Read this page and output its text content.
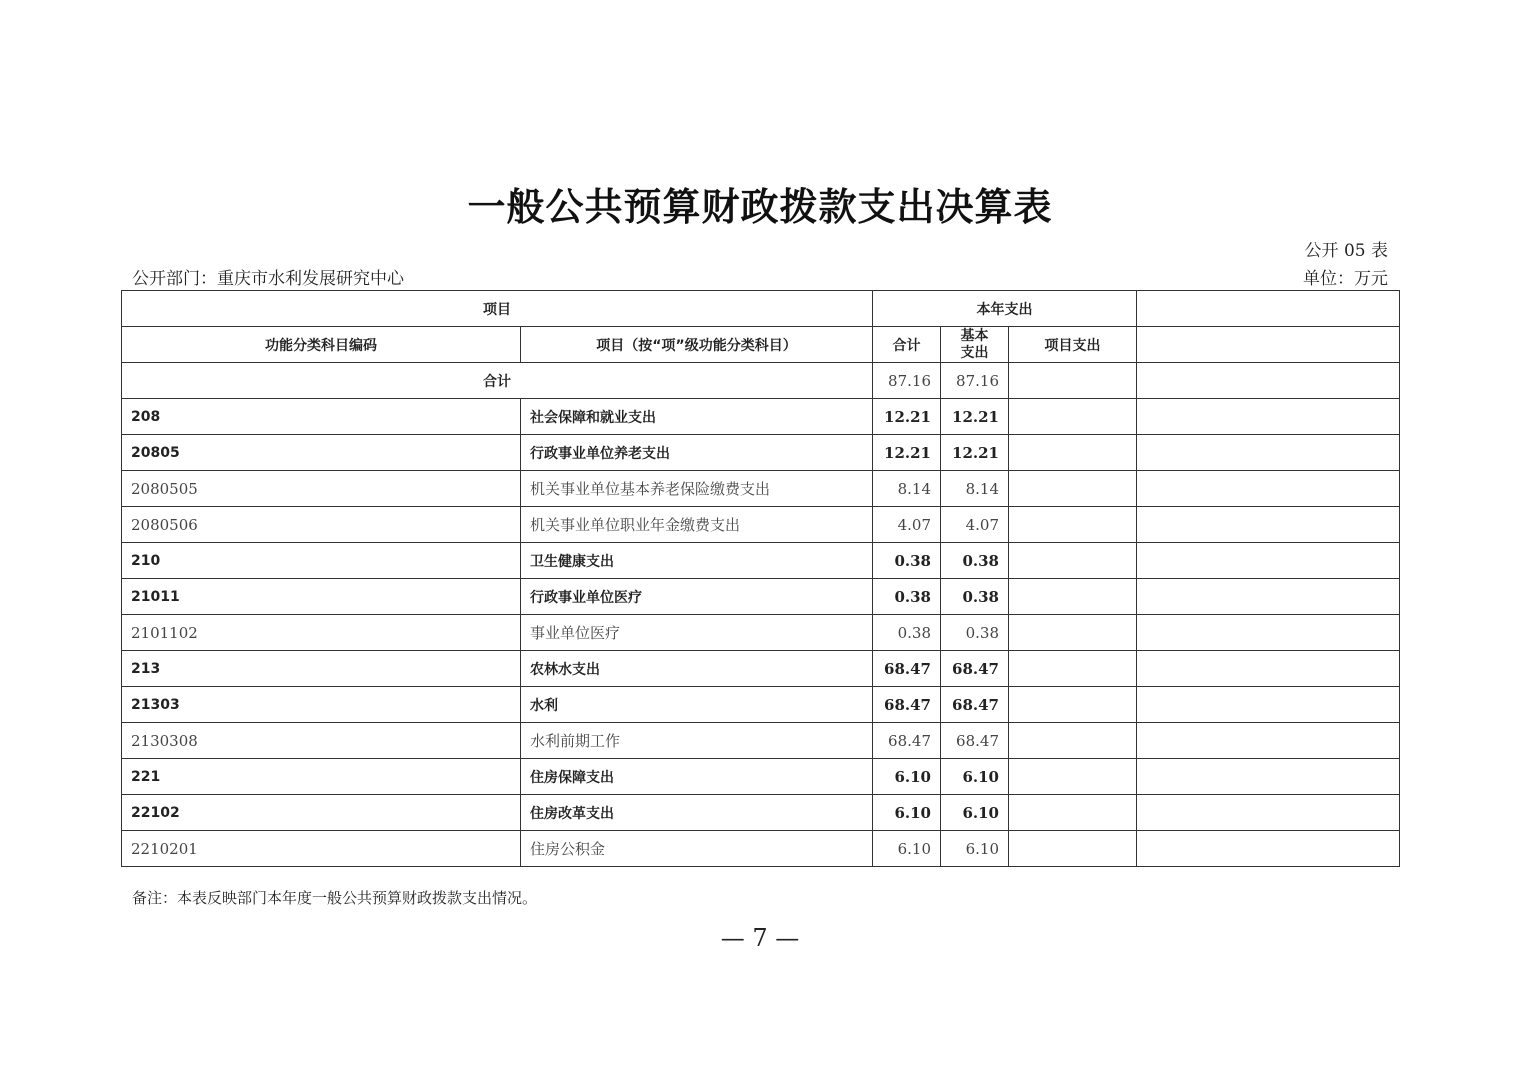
一般公共预算财政拨款支出决算表
公开 05 表
公开部门：重庆市水利发展研究中心	单位：万元
项目		本年支出			
功能分类科目编码	项目（按“项”级功能分类科目）	合计	基本支出	项目支出	
合计		87.16	87.16		
208	社会保障和就业支出	12.21	12.21		
20805	行政事业单位养老支出	12.21	12.21		
2080505	机关事业单位基本养老保险缴费支出	8.14	8.14		
2080506	机关事业单位职业年金缴费支出	4.07	4.07		
210	卫生健康支出	0.38	0.38		
21011	行政事业单位医疗	0.38	0.38		
2101102	事业单位医疗	0.38	0.38		
213	农林水支出	68.47	68.47		
21303	水利	68.47	68.47		
2130308	水利前期工作	68.47	68.47		
221	住房保障支出	6.10	6.10		
22102	住房改革支出	6.10	6.10		
2210201	住房公积金	6.10	6.10		
备注：本表反映部门本年度一般公共预算财政拨款支出情况。
— 7 —
